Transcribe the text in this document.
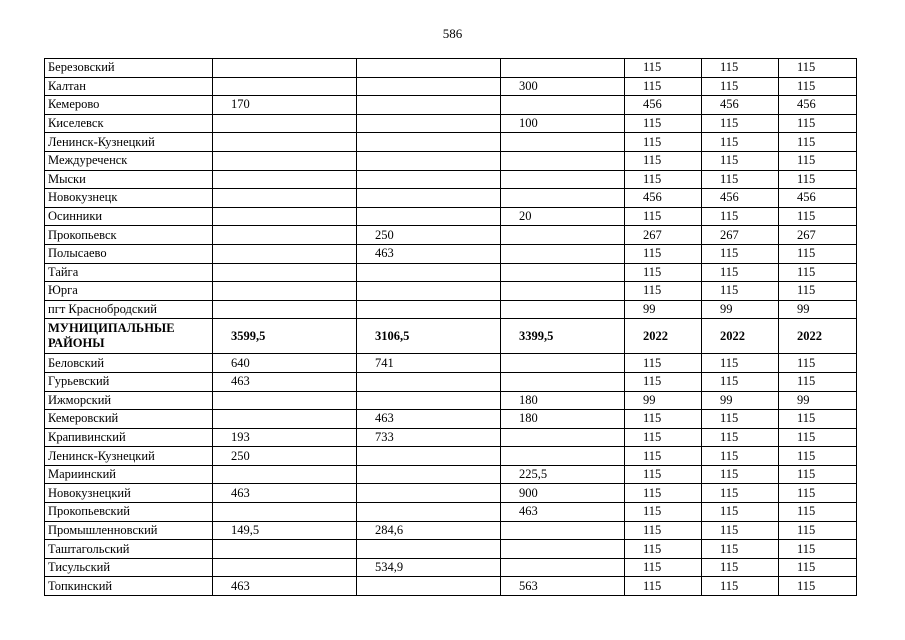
586
Березовский				115	115	115
Калтан			300	115	115	115
Кемерово	170			456	456	456
Киселевск			100	115	115	115
Ленинск-Кузнецкий				115	115	115
Междуреченск				115	115	115
Мыски				115	115	115
Новокузнецк				456	456	456
Осинники			20	115	115	115
Прокопьевск		250		267	267	267
Полысаево		463		115	115	115
Тайга				115	115	115
Юрга				115	115	115
пгт Краснобродский				99	99	99
МУНИЦИПАЛЬНЫЕ РАЙОНЫ	3599,5	3106,5	3399,5	2022	2022	2022
Беловский	640	741		115	115	115
Гурьевский	463			115	115	115
Ижморский			180	99	99	99
Кемеровский		463	180	115	115	115
Крапивинский	193	733		115	115	115
Ленинск-Кузнецкий	250			115	115	115
Мариинский			225,5	115	115	115
Новокузнецкий	463		900	115	115	115
Прокопьевский			463	115	115	115
Промышленновский	149,5	284,6		115	115	115
Таштагольский				115	115	115
Тисульский		534,9		115	115	115
Топкинский	463		563	115	115	115
